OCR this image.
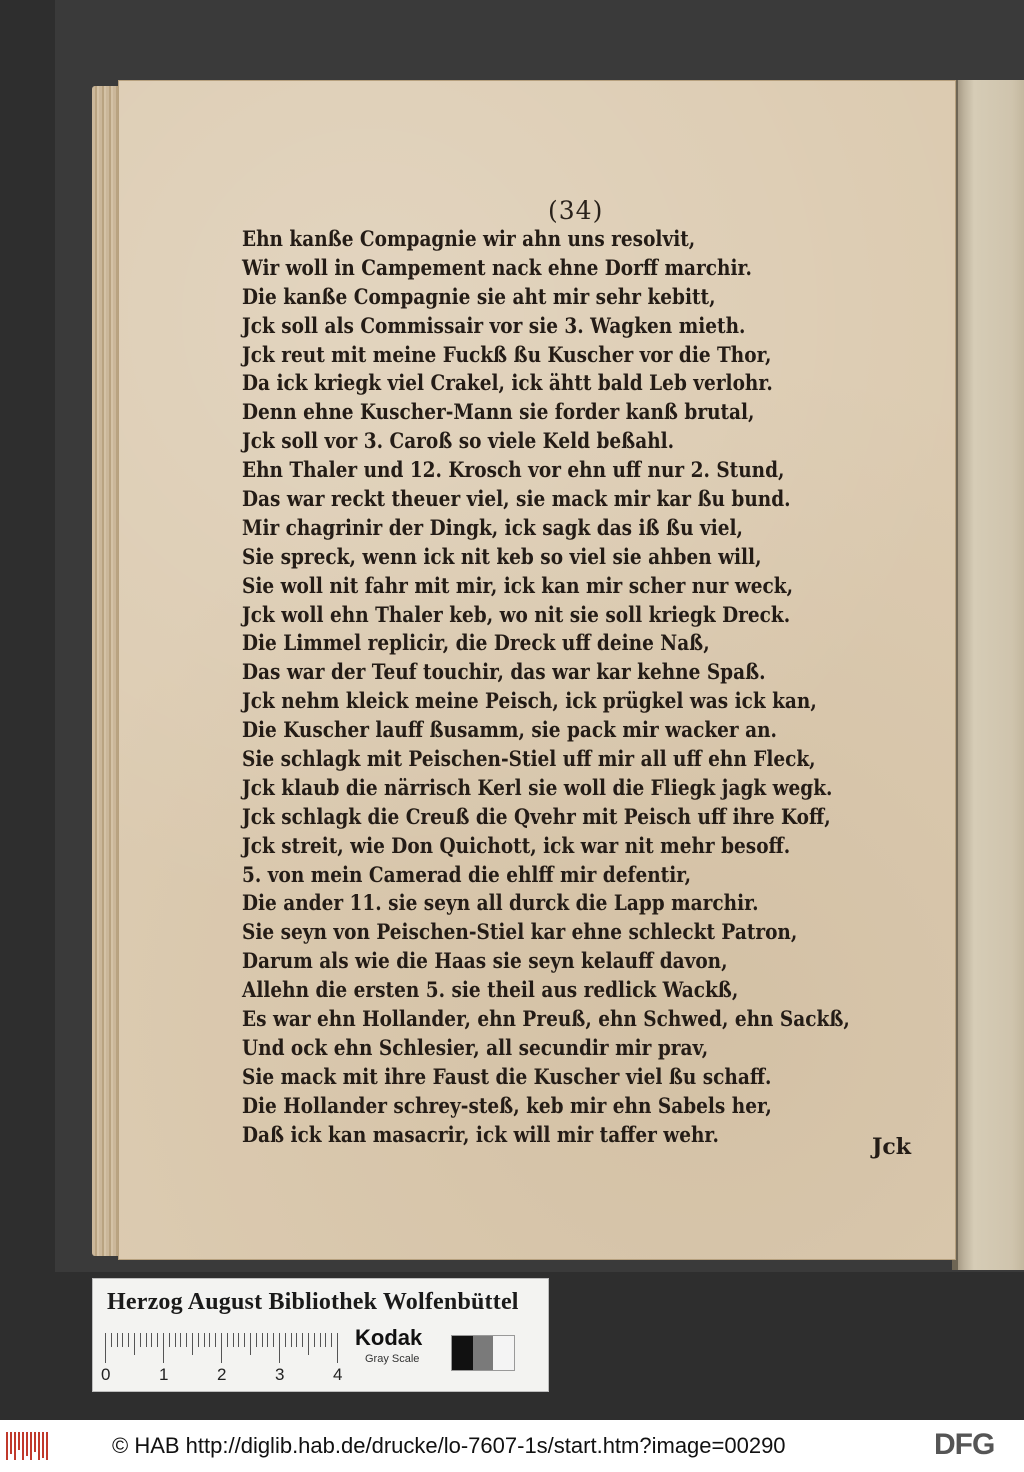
(34)
Ehn kanße Compagnie wir ahn uns resolvit,
Wir woll in Campement nack ehne Dorff marchir.
Die kanße Compagnie sie aht mir sehr kebitt,
Jck soll als Commissair vor sie 3. Wagken mieth.
Jck reut mit meine Fuckß ßu Kuscher vor die Thor,
Da ick kriegk viel Crakel, ick ähtt bald Leb verlohr.
Denn ehne Kuscher-Mann sie forder kanß brutal,
Jck soll vor 3. Caroß so viele Keld beßahl.
Ehn Thaler und 12. Krosch vor ehn uff nur 2. Stund,
Das war reckt theuer viel, sie mack mir kar ßu bund.
Mir chagrinir der Dingk, ick sagk das iß ßu viel,
Sie spreck, wenn ick nit keb so viel sie ahben will,
Sie woll nit fahr mit mir, ick kan mir scher nur weck,
Jck woll ehn Thaler keb, wo nit sie soll kriegk Dreck.
Die Limmel replicir, die Dreck uff deine Naß,
Das war der Teuf touchir, das war kar kehne Spaß.
Jck nehm kleick meine Peisch, ick prügkel was ick kan,
Die Kuscher lauff ßusamm, sie pack mir wacker an.
Sie schlagk mit Peischen-Stiel uff mir all uff ehn Fleck,
Jck klaub die närrisch Kerl sie woll die Fliegk jagk wegk.
Jck schlagk die Creuß die Qvehr mit Peisch uff ihre Koff,
Jck streit, wie Don Quichott, ick war nit mehr besoff.
5. von mein Camerad die ehlff mir defentir,
Die ander 11. sie seyn all durck die Lapp marchir.
Sie seyn von Peischen-Stiel kar ehne schleckt Patron,
Darum als wie die Haas sie seyn kelauff davon,
Allehn die ersten 5. sie theil aus redlick Wackß,
Es war ehn Hollander, ehn Preuß, ehn Schwed, ehn Sackß,
Und ock ehn Schlesier, all secundir mir prav,
Sie mack mit ihre Faust die Kuscher viel ßu schaff.
Die Hollander schrey-steß, keb mir ehn Sabels her,
Daß ick kan masacrir, ick will mir taffer wehr.	Jck
Herzog August Bibliothek Wolfenbüttel
0	1	2	3	4
Kodak
Gray Scale
© HAB http://diglib.hab.de/drucke/lo-7607-1s/start.htm?image=00290	DFG
